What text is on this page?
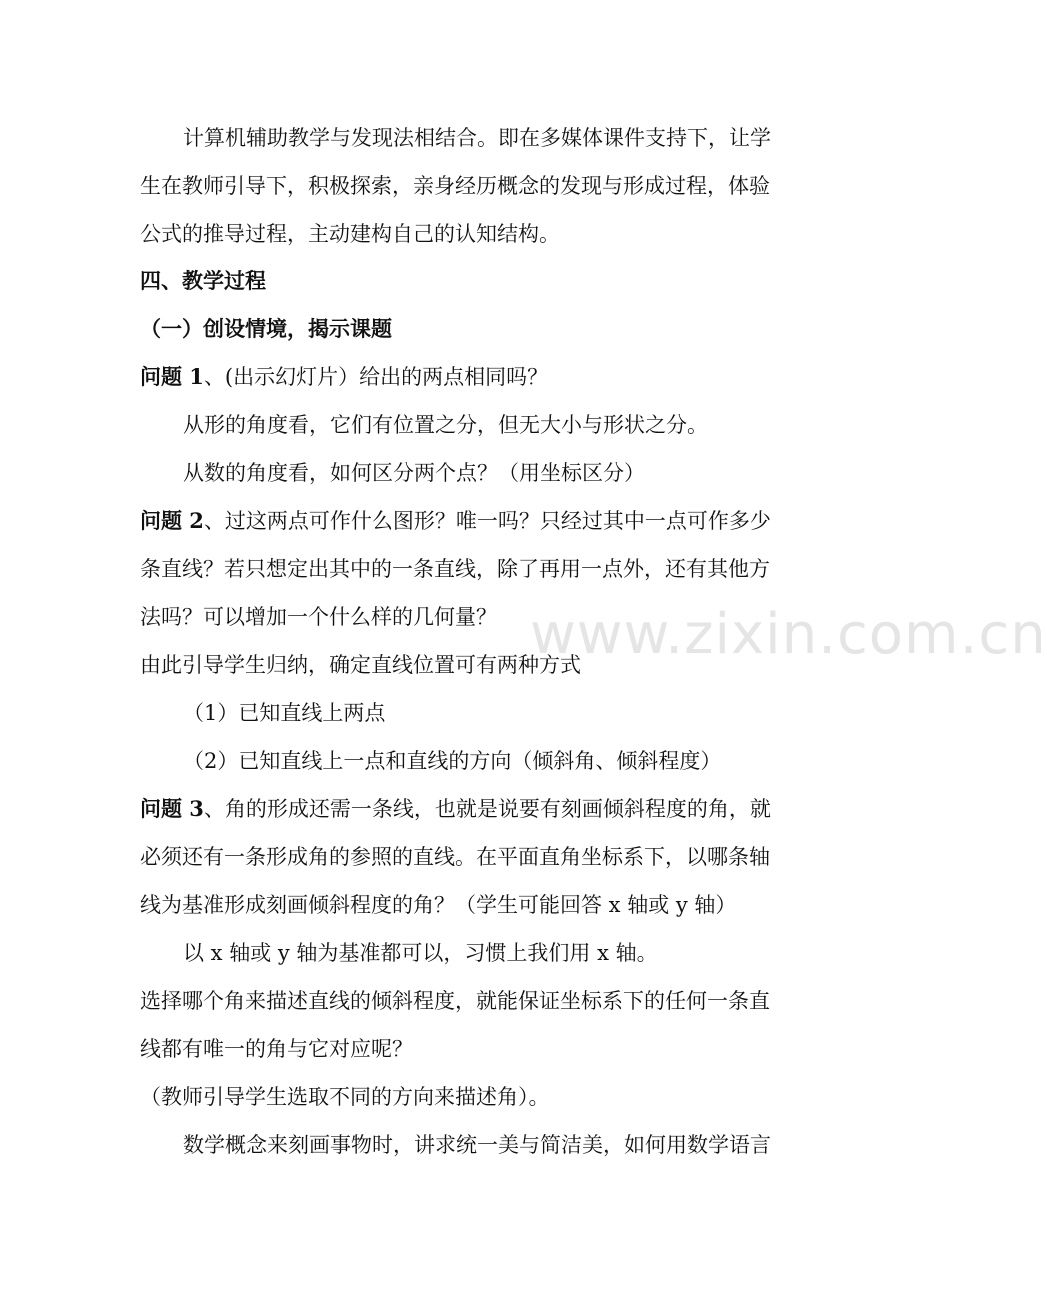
计算机辅助教学与发现法相结合。即在多媒体课件支持下，让学
生在教师引导下，积极探索，亲身经历概念的发现与形成过程，体验
公式的推导过程，主动建构自己的认知结构。
四、教学过程
（一）创设情境，揭示课题
问题 1、(出示幻灯片）给出的两点相同吗？
从形的角度看，它们有位置之分，但无大小与形状之分。
从数的角度看，如何区分两个点？（用坐标区分）
问题 2、过这两点可作什么图形？唯一吗？只经过其中一点可作多少
条直线？若只想定出其中的一条直线，除了再用一点外，还有其他方
法吗？可以增加一个什么样的几何量？
由此引导学生归纳，确定直线位置可有两种方式
（1）已知直线上两点
（2）已知直线上一点和直线的方向（倾斜角、倾斜程度）
问题 3、角的形成还需一条线，也就是说要有刻画倾斜程度的角，就
必须还有一条形成角的参照的直线。在平面直角坐标系下，以哪条轴
线为基准形成刻画倾斜程度的角？（学生可能回答 x 轴或 y 轴）
以 x 轴或 y 轴为基准都可以，习惯上我们用 x 轴。
选择哪个角来描述直线的倾斜程度，就能保证坐标系下的任何一条直
线都有唯一的角与它对应呢？
（教师引导学生选取不同的方向来描述角）。
数学概念来刻画事物时，讲求统一美与简洁美，如何用数学语言
www.zixin.com.cn
